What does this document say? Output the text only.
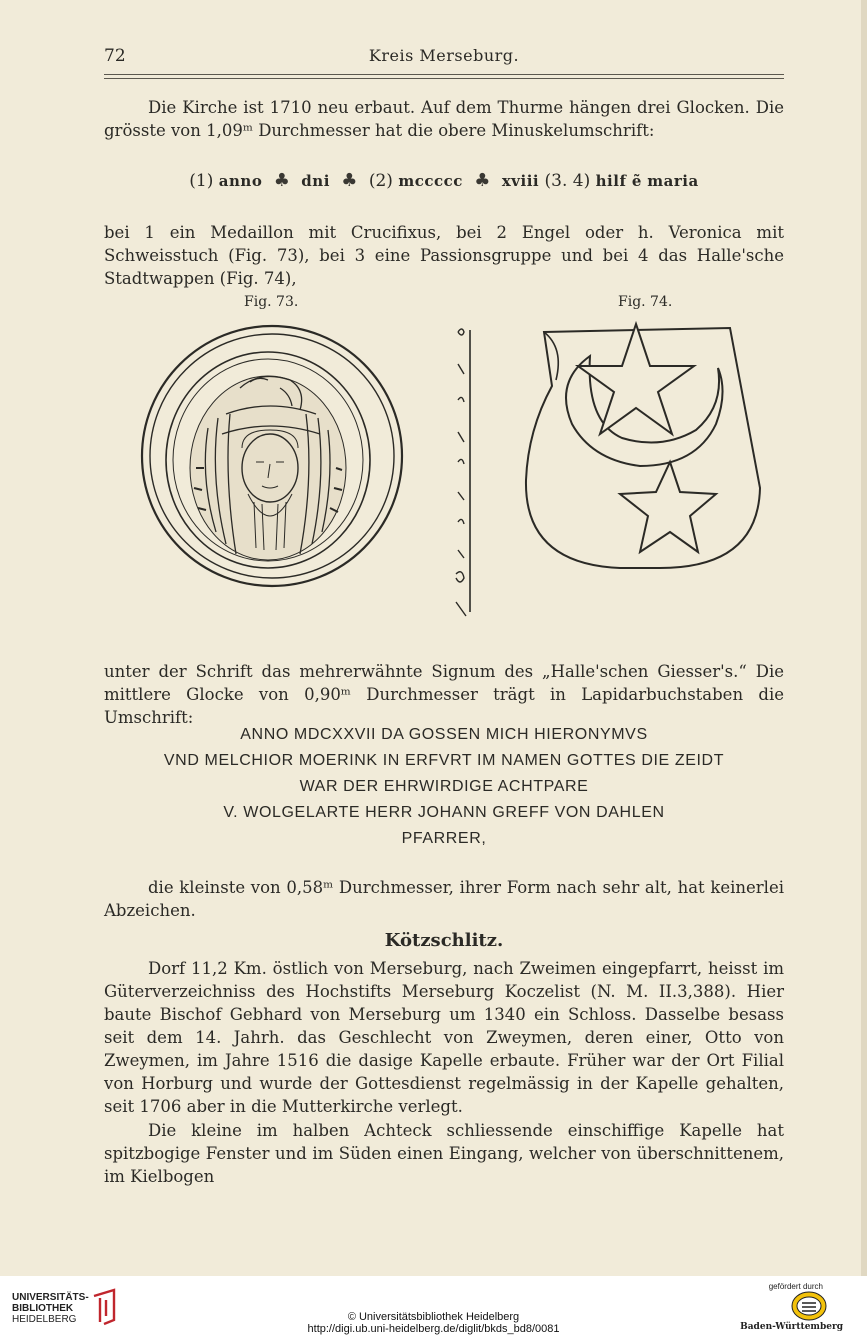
72	Kreis Merseburg.

Die Kirche ist 1710 neu erbaut. Auf dem Thurme hängen drei Glocken. Die grösste von 1,09ᵐ Durchmesser hat die obere Minuskelumschrift:

(1) anno ♣ dni ♣ (2) mccccc ♣ xviii (3. 4) hilf ẽ maria

bei 1 ein Medaillon mit Crucifixus, bei 2 Engel oder h. Veronica mit Schweisstuch (Fig. 73), bei 3 eine Passionsgruppe und bei 4 das Halle'sche Stadtwappen (Fig. 74),

Fig. 73.	Fig. 74.

unter der Schrift das mehrerwähnte Signum des „Halle'schen Giesser's.“ Die mittlere Glocke von 0,90ᵐ Durchmesser trägt in Lapidarbuchstaben die Umschrift:

ANNO MDCXXVII DA GOSSEN MICH HIERONYMVS
VND MELCHIOR MOERINK IN ERFVRT IM NAMEN GOTTES DIE ZEIDT
WAR DER EHRWIRDIGE ACHTPARE
V. WOLGELARTE HERR JOHANN GREFF VON DAHLEN
PFARRER,

die kleinste von 0,58ᵐ Durchmesser, ihrer Form nach sehr alt, hat keinerlei Abzeichen.

Kötzschlitz.

Dorf 11,2 Km. östlich von Merseburg, nach Zweimen eingepfarrt, heisst im Güterverzeichniss des Hochstifts Merseburg Koczelist (N. M. II.3,388). Hier baute Bischof Gebhard von Merseburg um 1340 ein Schloss. Dasselbe besass seit dem 14. Jahrh. das Geschlecht von Zweymen, deren einer, Otto von Zweymen, im Jahre 1516 die dasige Kapelle erbaute. Früher war der Ort Filial von Horburg und wurde der Gottesdienst regelmässig in der Kapelle gehalten, seit 1706 aber in die Mutterkirche verlegt.

Die kleine im halben Achteck schliessende einschiffige Kapelle hat spitzbogige Fenster und im Süden einen Eingang, welcher von überschnittenem, im Kielbogen

UNIVERSITÄTS-
BIBLIOTHEK
HEIDELBERG	© Universitätsbibliothek Heidelberg
http://digi.ub.uni-heidelberg.de/diglit/bkds_bd8/0081
gefördert durch
Baden-Württemberg
